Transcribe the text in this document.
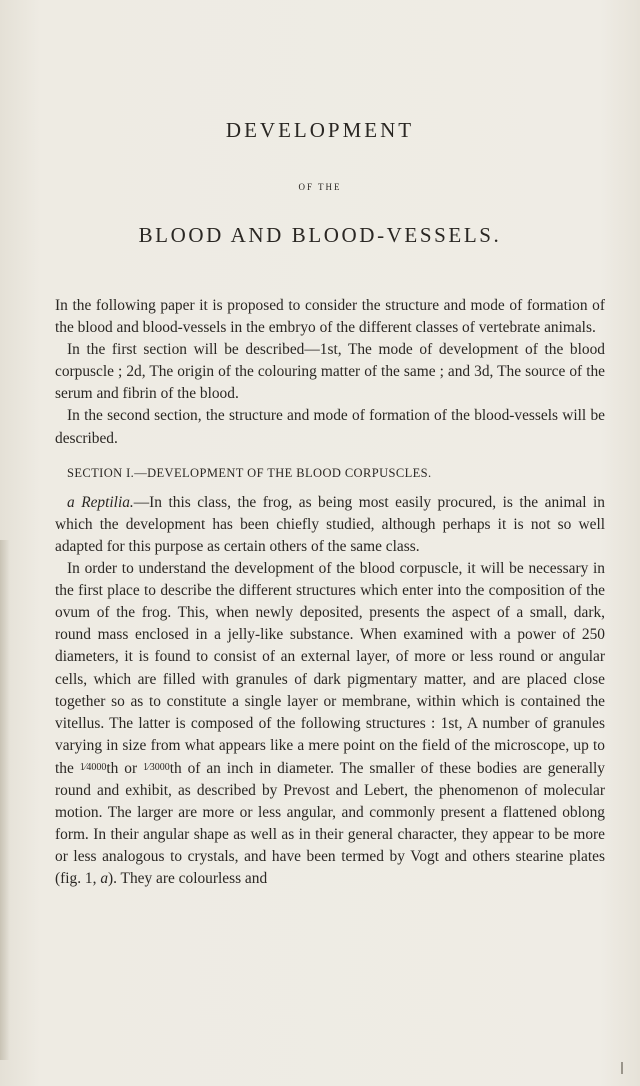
DEVELOPMENT
OF THE
BLOOD AND BLOOD-VESSELS.

In the following paper it is proposed to consider the structure and mode of formation of the blood and blood-vessels in the embryo of the different classes of vertebrate animals.

In the first section will be described—1st, The mode of development of the blood corpuscle ; 2d, The origin of the colouring matter of the same ; and 3d, The source of the serum and fibrin of the blood.

In the second section, the structure and mode of formation of the blood-vessels will be described.

SECTION I.—DEVELOPMENT OF THE BLOOD CORPUSCLES.

a Reptilia.—In this class, the frog, as being most easily procured, is the animal in which the development has been chiefly studied, although perhaps it is not so well adapted for this purpose as certain others of the same class.

In order to understand the development of the blood corpuscle, it will be necessary in the first place to describe the different structures which enter into the composition of the ovum of the frog. This, when newly deposited, presents the aspect of a small, dark, round mass enclosed in a jelly-like substance. When examined with a power of 250 diameters, it is found to consist of an external layer, of more or less round or angular cells, which are filled with granules of dark pigmentary matter, and are placed close together so as to constitute a single layer or membrane, within which is contained the vitellus. The latter is composed of the following structures : 1st, A number of granules varying in size from what appears like a mere point on the field of the microscope, up to the 1⁄4000th or 1⁄3000th of an inch in diameter. The smaller of these bodies are generally round and exhibit, as described by Prevost and Lebert, the phenomenon of molecular motion. The larger are more or less angular, and commonly present a flattened oblong form. In their angular shape as well as in their general character, they appear to be more or less analogous to crystals, and have been termed by Vogt and others stearine plates (fig. 1, a). They are colourless and
